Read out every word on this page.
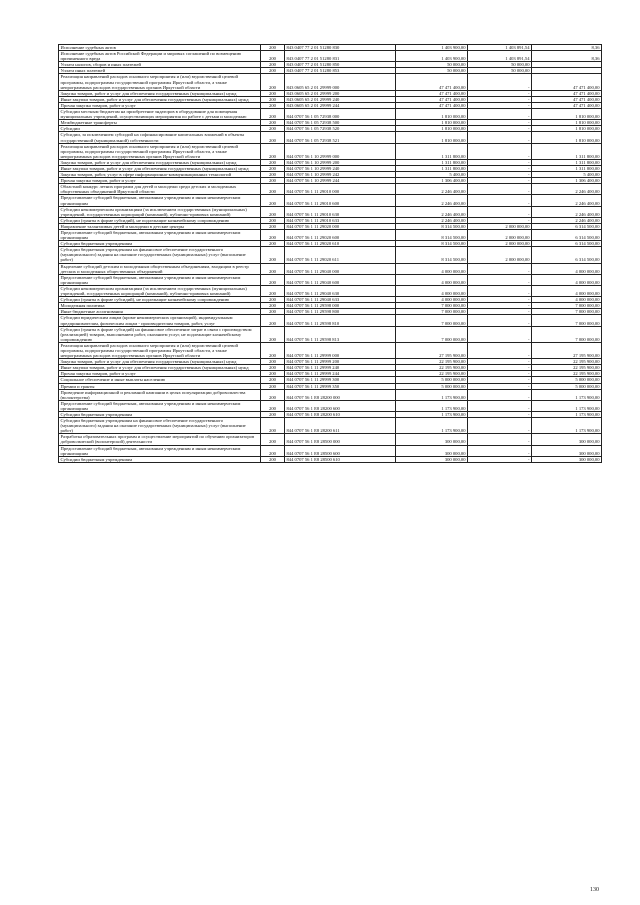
Исполнение судебных актов	200	843 0407 77 2 01 51280 830	1 403 900,00	1 403 891,54	8,36
Исполнение судебных актов Российской Федерации и мировых соглашений по возмещению причиненного вреда	200	843 0407 77 2 01 51280 831	1 403 900,00	1 403 891,54	8,36
Уплата налогов, сборов и иных платежей	200	843 0407 77 2 01 51280 850	50 000,00	50 000,00	
Уплата иных платежей	200	843 0407 77 2 01 51280 853	50 000,00	50 000,00	
Реализация направлений расходов основного мероприятия и (или) ведомственной целевой программы, подпрограммы государственной программы Иркутской области, а также непрограммных расходов государственных органов Иркутской области	200	843 0605 65 2 01 29999 000	47 471 400,00	-	47 471 400,00
Закупка товаров, работ и услуг для обеспечения государственных (муниципальных) нужд	200	843 0605 65 2 01 29999 200	47 471 400,00	-	47 471 400,00
Иные закупки товаров, работ и услуг для обеспечения государственных (муниципальных) нужд	200	843 0605 65 2 01 29999 240	47 471 400,00	-	47 471 400,00
Прочая закупка товаров, работ и услуг	200	843 0605 65 2 01 29999 244	47 471 400,00	-	47 471 400,00
Субсидии местным бюджетам на приобретение эндаторов в оборудование для помещения муниципальных учреждений, осуществляющих мероприятия по работе с детьми и молодежью	200	844 0707 56 1 05 72938 000	1 810 000,00	-	1 810 000,00
Межбюджетные трансферты	200	844 0707 56 1 05 72938 500	1 810 000,00	-	1 810 000,00
Субсидии	200	844 0707 56 1 05 72938 520	1 810 000,00	-	1 810 000,00
Субсидии, за исключением субсидий на софинансирование капитальных вложений в объекты государственной (муниципальной) собственности	200	844 0707 56 1 05 72938 521	1 810 000,00	-	1 810 000,00
Реализация направлений расходов основного мероприятия и (или) ведомственной целевой программы, подпрограммы государственной программы Иркутской области, а также непрограммных расходов государственных органов Иркутской области	200	844 0707 56 1 10 29999 000	1 311 800,00	-	1 311 800,00
Закупка товаров, работ и услуг для обеспечения государственных (муниципальных) нужд	200	844 0707 56 1 10 29999 200	1 311 800,00	-	1 311 800,00
Иные закупки товаров, работ и услуг для обеспечения государственных (муниципальных) нужд	200	844 0707 56 1 10 29999 240	1 311 800,00	-	1 311 800,00
Закупка товаров, работ, услуг в сфере информационно-коммуникационных технологий	200	844 0707 56 1 10 29999 242	5 400,00	-	5 400,00
Прочая закупка товаров, работ и услуг	200	844 0707 56 1 10 29999 244	1 306 400,00	-	1 306 400,00
Областной конкурс летних программ для детей и молодежи среди детских и молодежных общественных объединений Иркутской области	200	844 0707 56 1 11 29010 000	2 246 400,00	-	2 246 400,00
Предоставление субсидий бюджетным, автономным учреждениям и иным некоммерческим организациям	200	844 0707 56 1 11 29010 600	2 246 400,00	-	2 246 400,00
Субсидии некоммерческим организациям (за исключением государственных (муниципальных) учреждений, государственных корпораций (компаний), публично-правовых компаний)	200	844 0707 56 1 11 29010 630	2 246 400,00	-	2 246 400,00
Субсидии (гранты в форме субсидий), не подлежащие казначейскому сопровождению	200	844 0707 56 1 11 29010 633	2 246 400,00	-	2 246 400,00
Направление талантливых детей и молодежи в детские центры	200	844 0707 56 1 11 29020 000	8 314 500,00	2 000 000,00	6 314 500,00
Предоставление субсидий бюджетным, автономным учреждениям и иным некоммерческим организациям	200	844 0707 56 1 11 29020 600	8 314 500,00	2 000 000,00	6 314 500,00
Субсидии бюджетным учреждениям	200	844 0707 56 1 11 29020 610	8 314 500,00	2 000 000,00	6 314 500,00
Субсидии бюджетным учреждениям на финансовое обеспечение государственного (муниципального) задания на оказание государственных (муниципальных) услуг (выполнение работ)	200	844 0707 56 1 11 29020 611	8 314 500,00	2 000 000,00	6 314 500,00
Выделение субсидий детским и молодежным общественным объединениям, входящим в реестр детских и молодежных общественных объединений	200	844 0707 56 1 11 29040 000	4 000 000,00	-	4 000 000,00
Предоставление субсидий бюджетным, автономным учреждениям и иным некоммерческим организациям	200	844 0707 56 1 11 29040 600	4 000 000,00	-	4 000 000,00
Субсидии некоммерческим организациям (за исключением государственных (муниципальных) учреждений, государственных корпораций (компаний), публично-правовых компаний)	200	844 0707 56 1 11 29040 630	4 000 000,00	-	4 000 000,00
Субсидии (гранты в форме субсидий), не подлежащие казначейскому сопровождению	200	844 0707 56 1 11 29040 633	4 000 000,00	-	4 000 000,00
Молодежная политика	200	844 0707 56 1 11 29598 000	7 000 000,00	-	7 000 000,00
Иные бюджетные ассигнования	200	844 0707 56 1 11 29598 800	7 000 000,00	-	7 000 000,00
Субсидии юридическим лицам (кроме некоммерческих организаций), индивидуальным предпринимателям, физическим лицам - производителям товаров, работ, услуг	200	844 0707 56 1 11 29598 810	7 000 000,00	-	7 000 000,00
Субсидии (гранты в форме субсидий) на финансовое обеспечение затрат в связи с производством (реализацией) товаров, выполнением работ, оказанием услуг, не подлежащие казначейскому сопровождению	200	844 0707 56 1 11 29598 813	7 000 000,00	-	7 000 000,00
Реализация направлений расходов основного мероприятия и (или) ведомственной целевой программы, подпрограммы государственной программы Иркутской области, а также непрограммных расходов государственных органов Иркутской области	200	844 0707 56 1 11 29999 000	27 195 900,00	-	27 195 900,00
Закупка товаров, работ и услуг для обеспечения государственных (муниципальных) нужд	200	844 0707 56 1 11 29999 200	22 195 900,00	-	22 195 900,00
Иные закупки товаров, работ и услуг для обеспечения государственных (муниципальных) нужд	200	844 0707 56 1 11 29999 240	22 195 900,00	-	22 195 900,00
Прочая закупка товаров, работ и услуг	200	844 0707 56 1 11 29999 244	22 195 900,00	-	22 195 900,00
Социальное обеспечение и иные выплаты населению	200	844 0707 56 1 11 29999 300	5 000 000,00	-	5 000 000,00
Премии и гранты	200	844 0707 56 1 11 29999 350	5 000 000,00	-	5 000 000,00
Проведение информационной и рекламной кампании в целях популяризации добровольчества (волонтерства)	200	844 0707 56 1 E8 28200 000	1 173 900,00	-	1 173 900,00
Предоставление субсидий бюджетным, автономным учреждениям и иным некоммерческим организациям	200	844 0707 56 1 E8 28200 600	1 173 900,00	-	1 173 900,00
Субсидии бюджетным учреждениям	200	844 0707 56 1 E8 28200 610	1 173 900,00	-	1 173 900,00
Субсидии бюджетным учреждениям на финансовое обеспечение государственного (муниципального) задания на оказание государственных (муниципальных) услуг (выполнение работ)	200	844 0707 56 1 E8 28200 611	1 173 900,00	-	1 173 900,00
Разработка образовательных программ и осуществление мероприятий по обучению организаторов добровольческой (волонтерской) деятельности	200	844 0707 56 1 E8 28500 000	300 000,00	-	300 000,00
Предоставление субсидий бюджетным, автономным учреждениям и иным некоммерческим организациям	200	844 0707 56 1 E8 28500 600	300 000,00	-	300 000,00
Субсидии бюджетным учреждениям	200	844 0707 56 1 E8 28500 610	300 000,00	-	300 000,00
130
